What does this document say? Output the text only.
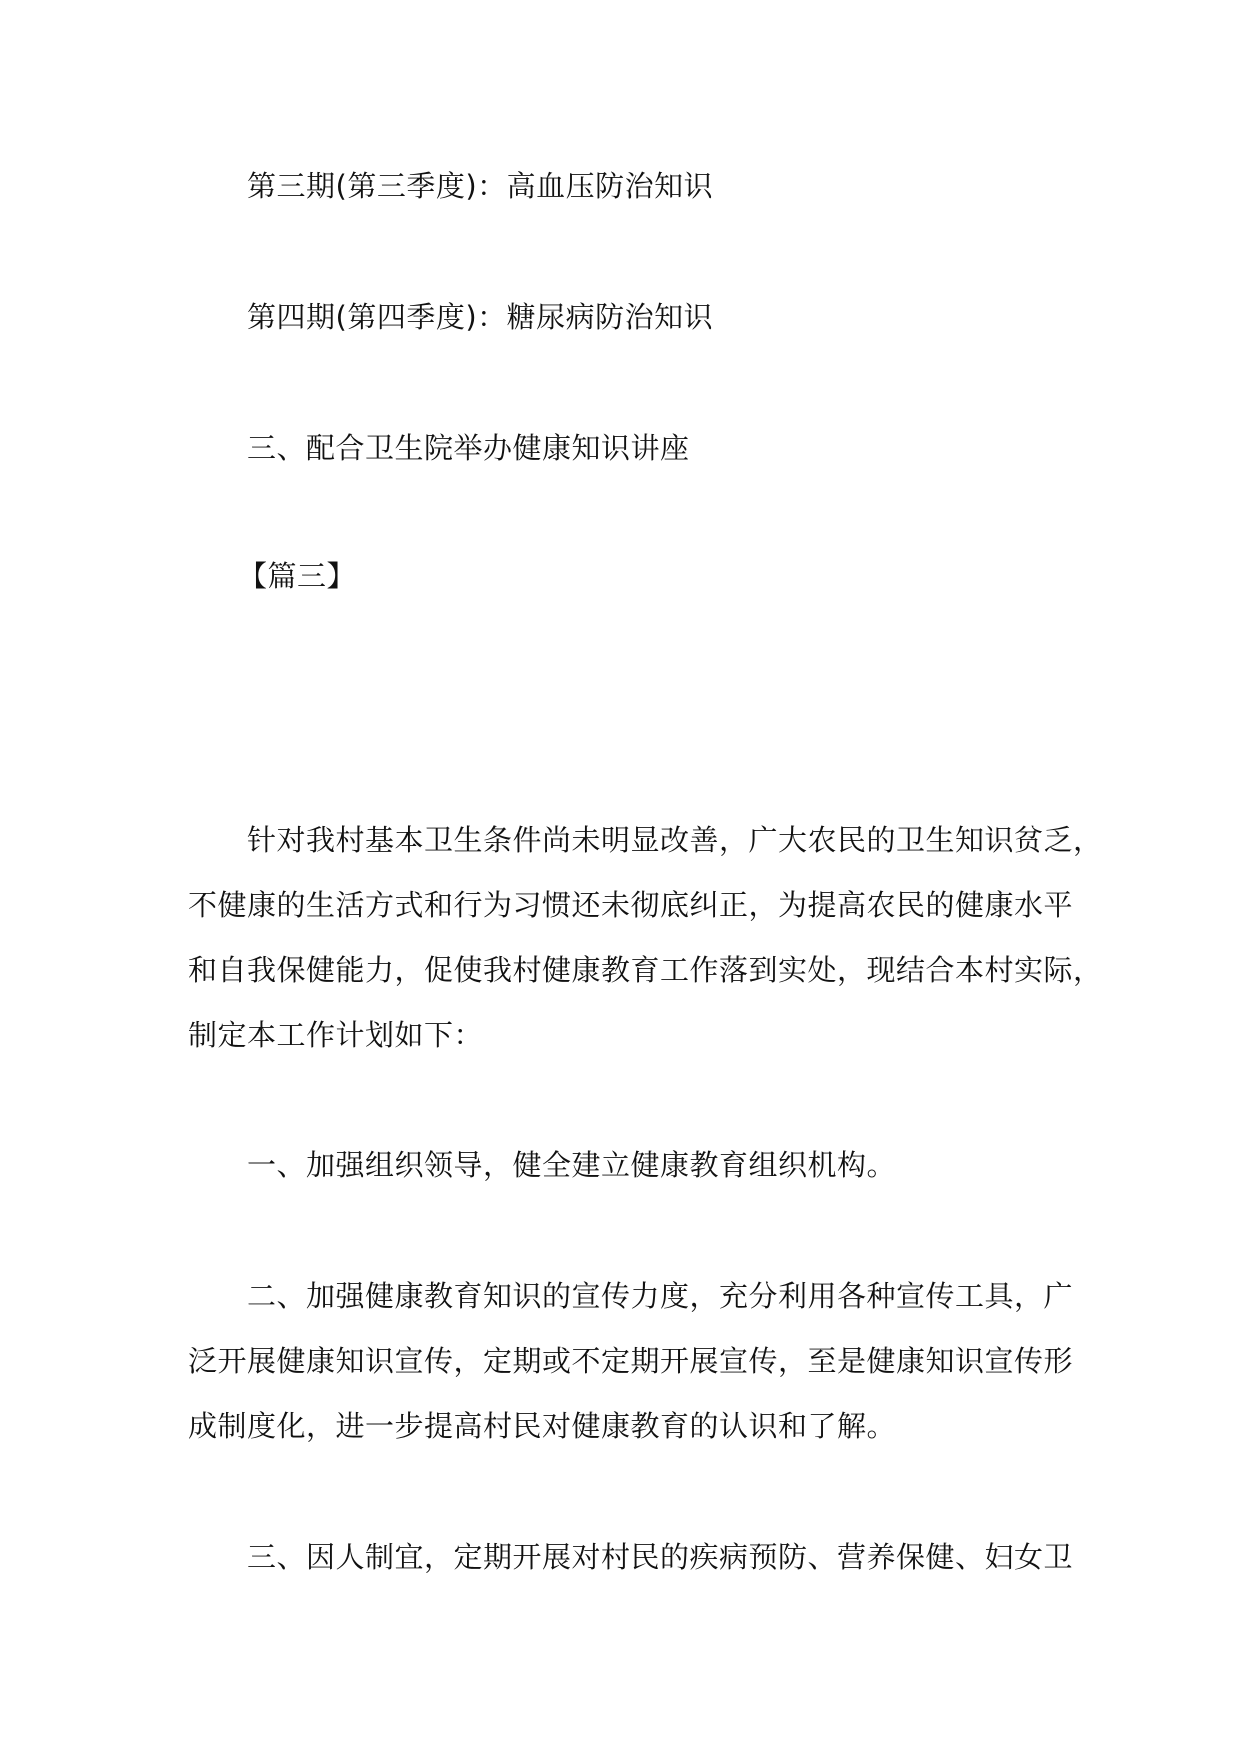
第三期(第三季度)：高血压防治知识
第四期(第四季度)：糖尿病防治知识
三、配合卫生院举办健康知识讲座
【篇三】
针对我村基本卫生条件尚未明显改善，广大农民的卫生知识贫乏，
不健康的生活方式和行为习惯还未彻底纠正，为提高农民的健康水平
和自我保健能力，促使我村健康教育工作落到实处，现结合本村实际，
制定本工作计划如下：
一、加强组织领导，健全建立健康教育组织机构。
二、加强健康教育知识的宣传力度，充分利用各种宣传工具，广
泛开展健康知识宣传，定期或不定期开展宣传，至是健康知识宣传形
成制度化，进一步提高村民对健康教育的认识和了解。
三、因人制宜，定期开展对村民的疾病预防、营养保健、妇女卫
